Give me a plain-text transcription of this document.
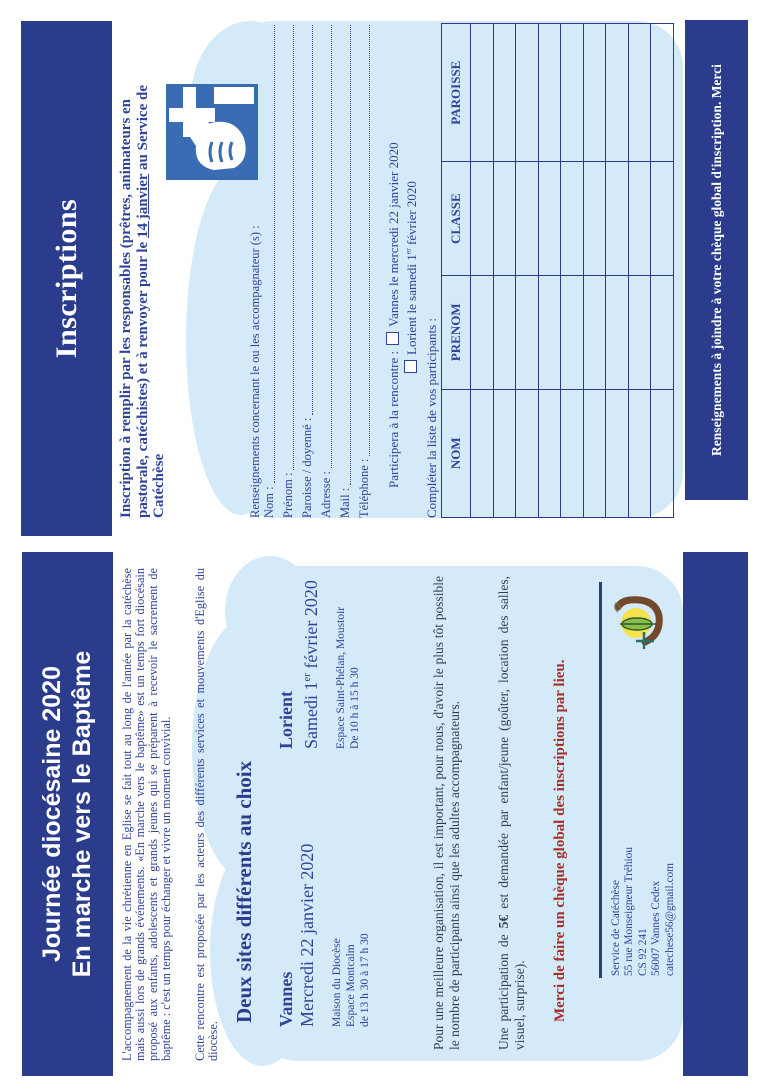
Inscriptions	Inscription à remplir par les responsables (prêtres, animateurs en pastorale, catéchistes) et à renvoyer pour le 14 janvier au Service de Catéchèse	Renseignements concernant le ou les accompagnateur (s) : Nom : Prénom : Paroisse / doyenné : Adresse : Mail : Téléphone :
Participera à la rencontre :Vannes le mercredi 22 janvier 2020 Lorient le samedi 1er février 2020
Compléter la liste de vos participants : NOM	PRENOM	CLASSE	PAROISSE

				Renseignements à joindre à votre chèque global d'inscription. Merci
Journée diocésaine 2020 En marche vers le Baptême L'accompagnement de la vie chrétienne en Eglise se fait tout au long de l'année par la catéchèse mais aussi lors de grands événements. «En marche vers le baptême» est un temps fort diocésain proposé aux enfants, adolescents et grands jeunes qui se préparent à recevoir le sacrement de baptême : c'est un temps pour échanger et vivre un moment convivial. Cette rencontre est proposée par les acteurs des différents services et mouvements d'Eglise du diocèse.
Deux sites différents au choix Vannes Mercredi 22 janvier 2020 Maison du Diocèse Espace Montcalm de 13 h 30 à 17 h 30
Lorient Samedi 1er février 2020 Espace Saint-Phélan, Moustoir De 10 h à 15 h 30	Pour une meilleure organisation, il est important, pour nous, d'avoir le plus tôt possible le nombre de participants ainsi que les adultes accompagnateurs.	Une participation de 5€ est demandée par enfant/jeune (goûter, location des salles, visuel, surprise). Merci de faire un chèque global des inscriptions par lieu.	Service de Catéchèse 55 rue Monseigneur Tréhiou CS 92 241 56007 Vannes Cedex catechese56@gmail.com
